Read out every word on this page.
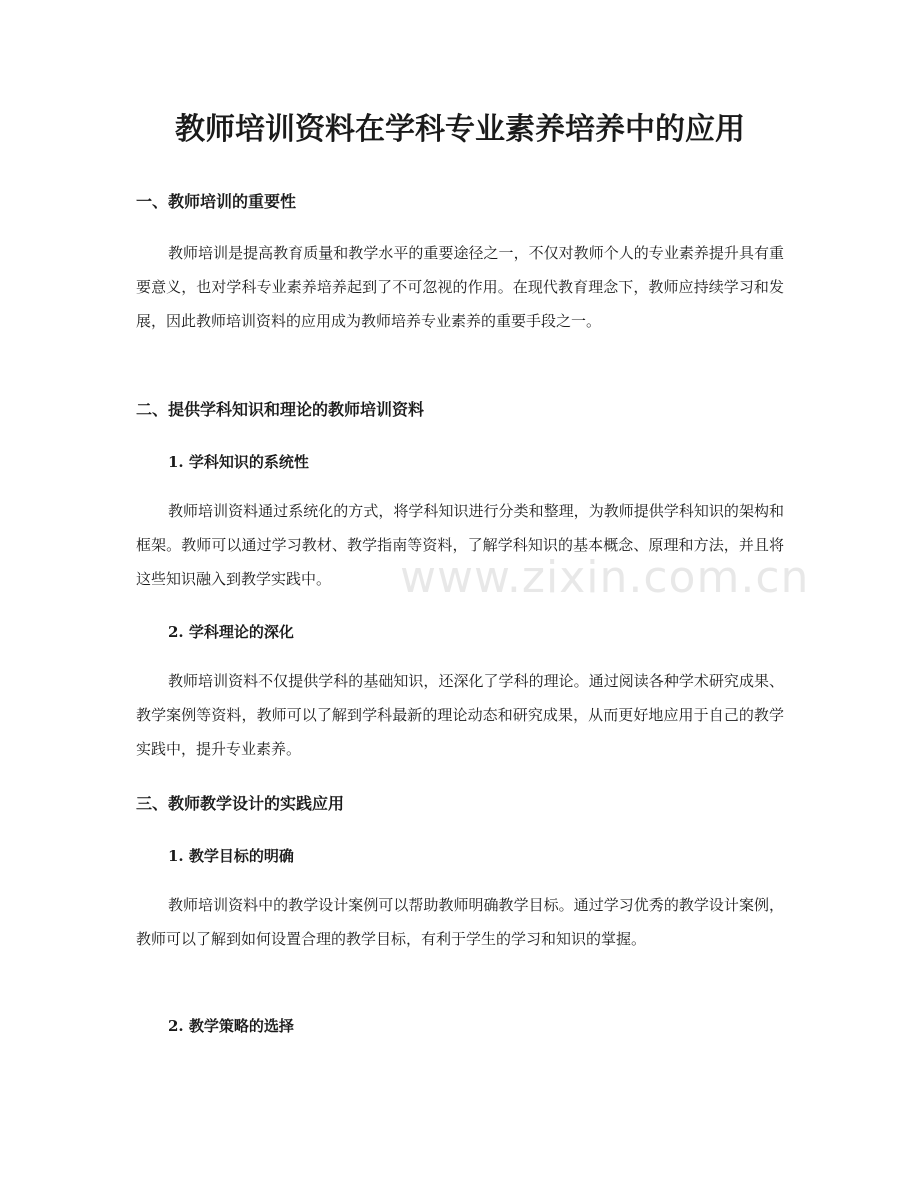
教师培训资料在学科专业素养培养中的应用
一、教师培训的重要性

教师培训是提高教育质量和教学水平的重要途径之一，不仅对教师个人的专业素养提升具有重要意义，也对学科专业素养培养起到了不可忽视的作用。在现代教育理念下，教师应持续学习和发展，因此教师培训资料的应用成为教师培养专业素养的重要手段之一。

二、提供学科知识和理论的教师培训资料
1. 学科知识的系统性

教师培训资料通过系统化的方式，将学科知识进行分类和整理，为教师提供学科知识的架构和框架。教师可以通过学习教材、教学指南等资料，了解学科知识的基本概念、原理和方法，并且将这些知识融入到教学实践中。

2. 学科理论的深化

教师培训资料不仅提供学科的基础知识，还深化了学科的理论。通过阅读各种学术研究成果、教学案例等资料，教师可以了解到学科最新的理论动态和研究成果，从而更好地应用于自己的教学实践中，提升专业素养。

三、教师教学设计的实践应用
1. 教学目标的明确

教师培训资料中的教学设计案例可以帮助教师明确教学目标。通过学习优秀的教学设计案例，教师可以了解到如何设置合理的教学目标，有利于学生的学习和知识的掌握。

2. 教学策略的选择
www.zixin.com.cn
